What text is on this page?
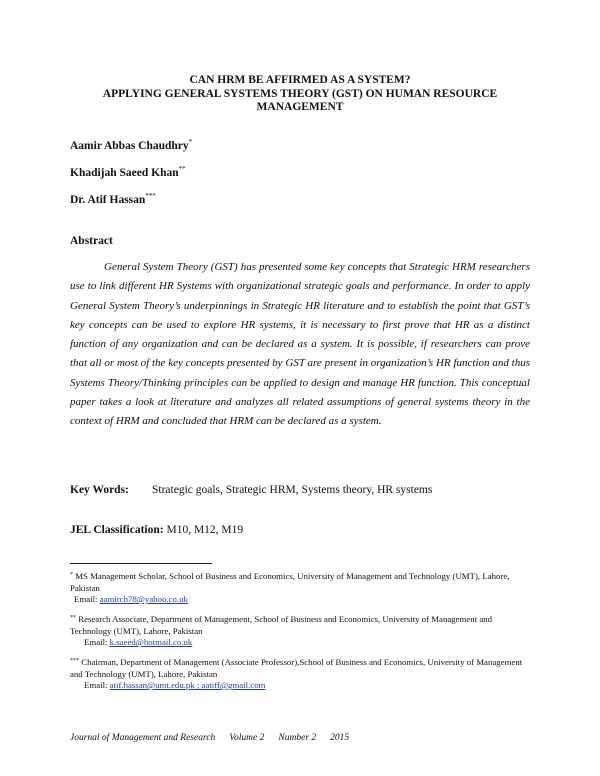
CAN HRM BE AFFIRMED AS A SYSTEM?
APPLYING GENERAL SYSTEMS THEORY (GST) ON HUMAN RESOURCE
MANAGEMENT
Aamir Abbas Chaudhry*
Khadijah Saeed Khan**
Dr. Atif Hassan***
Abstract

General System Theory (GST) has presented some key concepts that Strategic HRM researchers use to link different HR Systems with organizational strategic goals and performance. In order to apply General System Theory’s underpinnings in Strategic HR literature and to establish the point that GST’s key concepts can be used to explore HR systems, it is necessary to first prove that HR as a distinct function of any organization and can be declared as a system. It is possible, if researchers can prove that all or most of the key concepts presented by GST are present in organization’s HR function and thus Systems Theory/Thinking principles can be applied to design and manage HR function. This conceptual paper takes a look at literature and analyzes all related assumptions of general systems theory in the context of HRM and concluded that HRM can be declared as a system.

Key Words: Strategic goals, Strategic HRM, Systems theory, HR systems
JEL Classification: M10, M12, M19
* MS Management Scholar, School of Business and Economics, University of Management and Technology (UMT), Lahore, Pakistan
Email: aamirch78@yahoo.co.uk
** Research Associate, Department of Management, School of Business and Economics, University of Management and Technology (UMT), Lahore, Pakistan
Email: k.saeed@hotmail.co.uk
*** Chairman, Department of Management (Associate Professor),School of Business and Economics, University of Management and Technology (UMT), Lahore, Pakistan
Email: atif.hassan@umt.edu.pk ; aatiff@gmail.com
Journal of Management and Research Volume 2 Number 2 2015
